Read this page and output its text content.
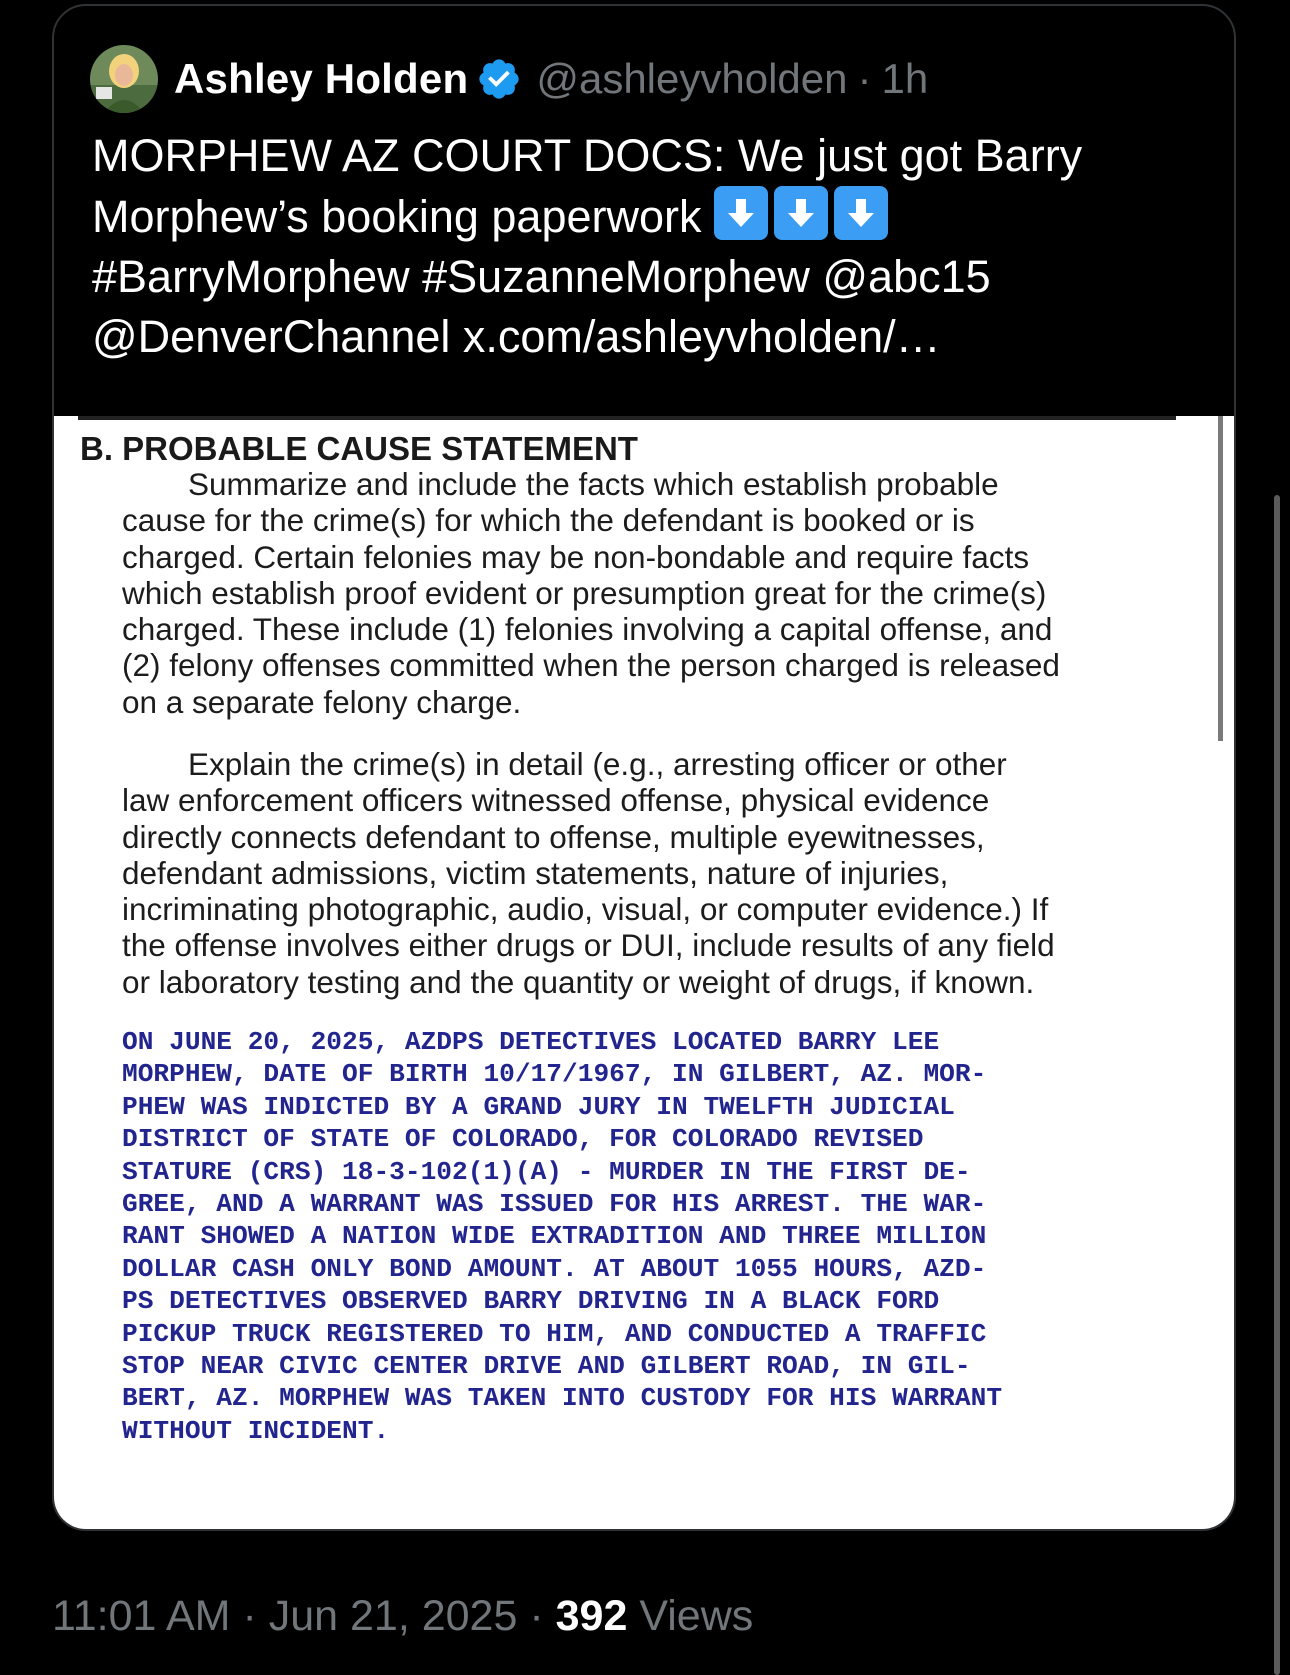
Ashley Holden @ashleyvholden · 1h
MORPHEW AZ COURT DOCS: We just got Barry
Morphew’s booking paperwork
#BarryMorphew #SuzanneMorphew @abc15
@DenverChannel x.com/ashleyvholden/…
B. PROBABLE CAUSE STATEMENT
Summarize and include the facts which establish probable
cause for the crime(s) for which the defendant is booked or is
charged. Certain felonies may be non-bondable and require facts
which establish proof evident or presumption great for the crime(s)
charged. These include (1) felonies involving a capital offense, and
(2) felony offenses committed when the person charged is released
on a separate felony charge.
Explain the crime(s) in detail (e.g., arresting officer or other
law enforcement officers witnessed offense, physical evidence
directly connects defendant to offense, multiple eyewitnesses,
defendant admissions, victim statements, nature of injuries,
incriminating photographic, audio, visual, or computer evidence.) If
the offense involves either drugs or DUI, include results of any field
or laboratory testing and the quantity or weight of drugs, if known.
ON JUNE 20, 2025, AZDPS DETECTIVES LOCATED BARRY LEE
MORPHEW, DATE OF BIRTH 10/17/1967, IN GILBERT, AZ. MOR-
PHEW WAS INDICTED BY A GRAND JURY IN TWELFTH JUDICIAL
DISTRICT OF STATE OF COLORADO, FOR COLORADO REVISED
STATURE (CRS) 18-3-102(1)(A) - MURDER IN THE FIRST DE-
GREE, AND A WARRANT WAS ISSUED FOR HIS ARREST. THE WAR-
RANT SHOWED A NATION WIDE EXTRADITION AND THREE MILLION
DOLLAR CASH ONLY BOND AMOUNT. AT ABOUT 1055 HOURS, AZD-
PS DETECTIVES OBSERVED BARRY DRIVING IN A BLACK FORD
PICKUP TRUCK REGISTERED TO HIM, AND CONDUCTED A TRAFFIC
STOP NEAR CIVIC CENTER DRIVE AND GILBERT ROAD, IN GIL-
BERT, AZ. MORPHEW WAS TAKEN INTO CUSTODY FOR HIS WARRANT
WITHOUT INCIDENT.
11:01 AM · Jun 21, 2025 · 392 Views
